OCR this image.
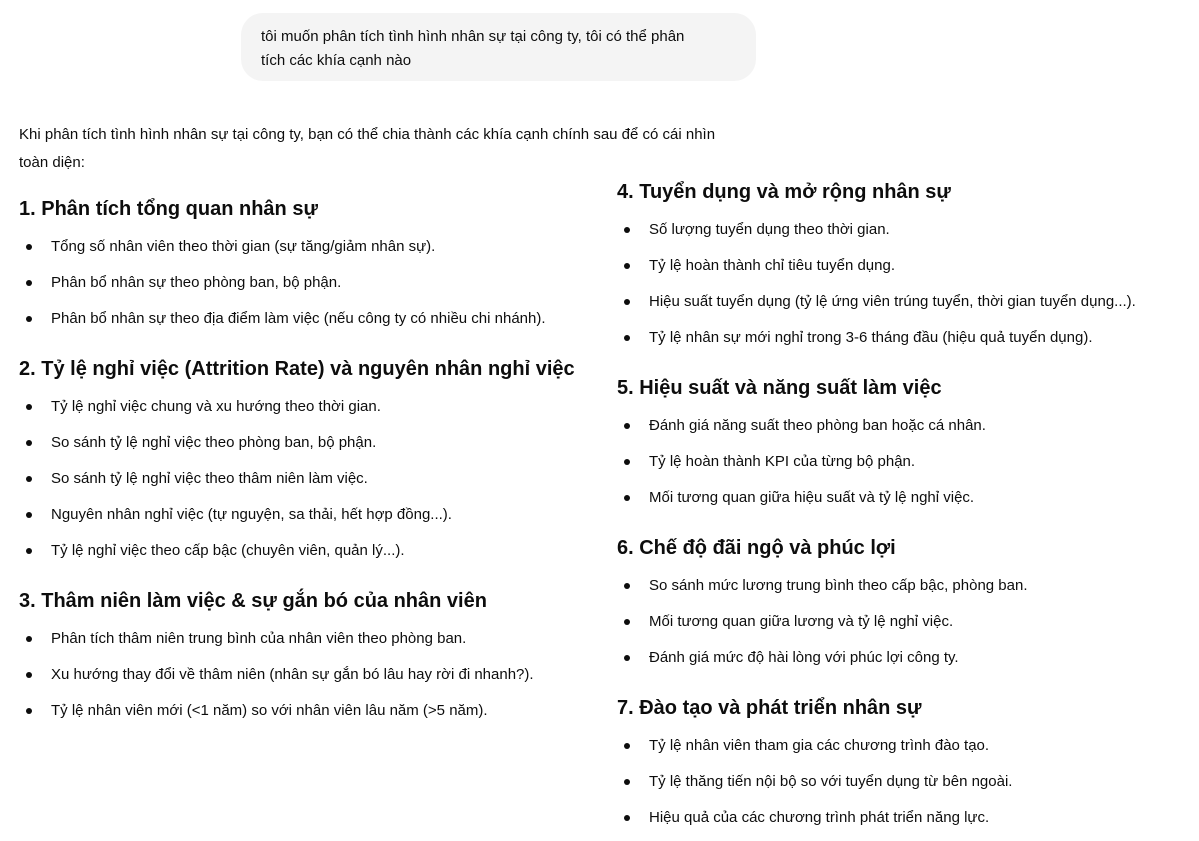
tôi muốn phân tích tình hình nhân sự tại công ty, tôi có thể phân
tích các khía cạnh nào

Khi phân tích tình hình nhân sự tại công ty, bạn có thể chia thành các khía cạnh chính sau để có cái nhìn
toàn diện:

1. Phân tích tổng quan nhân sự
Tổng số nhân viên theo thời gian (sự tăng/giảm nhân sự).
Phân bổ nhân sự theo phòng ban, bộ phận.
Phân bổ nhân sự theo địa điểm làm việc (nếu công ty có nhiều chi nhánh).
2. Tỷ lệ nghỉ việc (Attrition Rate) và nguyên nhân nghỉ việc
Tỷ lệ nghỉ việc chung và xu hướng theo thời gian.
So sánh tỷ lệ nghỉ việc theo phòng ban, bộ phận.
So sánh tỷ lệ nghỉ việc theo thâm niên làm việc.
Nguyên nhân nghỉ việc (tự nguyện, sa thải, hết hợp đồng...).
Tỷ lệ nghỉ việc theo cấp bậc (chuyên viên, quản lý...).
3. Thâm niên làm việc & sự gắn bó của nhân viên
Phân tích thâm niên trung bình của nhân viên theo phòng ban.
Xu hướng thay đổi về thâm niên (nhân sự gắn bó lâu hay rời đi nhanh?).
Tỷ lệ nhân viên mới (<1 năm) so với nhân viên lâu năm (>5 năm).
4. Tuyển dụng và mở rộng nhân sự
Số lượng tuyển dụng theo thời gian.
Tỷ lệ hoàn thành chỉ tiêu tuyển dụng.
Hiệu suất tuyển dụng (tỷ lệ ứng viên trúng tuyển, thời gian tuyển dụng...).
Tỷ lệ nhân sự mới nghỉ trong 3-6 tháng đầu (hiệu quả tuyển dụng).
5. Hiệu suất và năng suất làm việc
Đánh giá năng suất theo phòng ban hoặc cá nhân.
Tỷ lệ hoàn thành KPI của từng bộ phận.
Mối tương quan giữa hiệu suất và tỷ lệ nghỉ việc.
6. Chế độ đãi ngộ và phúc lợi
So sánh mức lương trung bình theo cấp bậc, phòng ban.
Mối tương quan giữa lương và tỷ lệ nghỉ việc.
Đánh giá mức độ hài lòng với phúc lợi công ty.
7. Đào tạo và phát triển nhân sự
Tỷ lệ nhân viên tham gia các chương trình đào tạo.
Tỷ lệ thăng tiến nội bộ so với tuyển dụng từ bên ngoài.
Hiệu quả của các chương trình phát triển năng lực.
